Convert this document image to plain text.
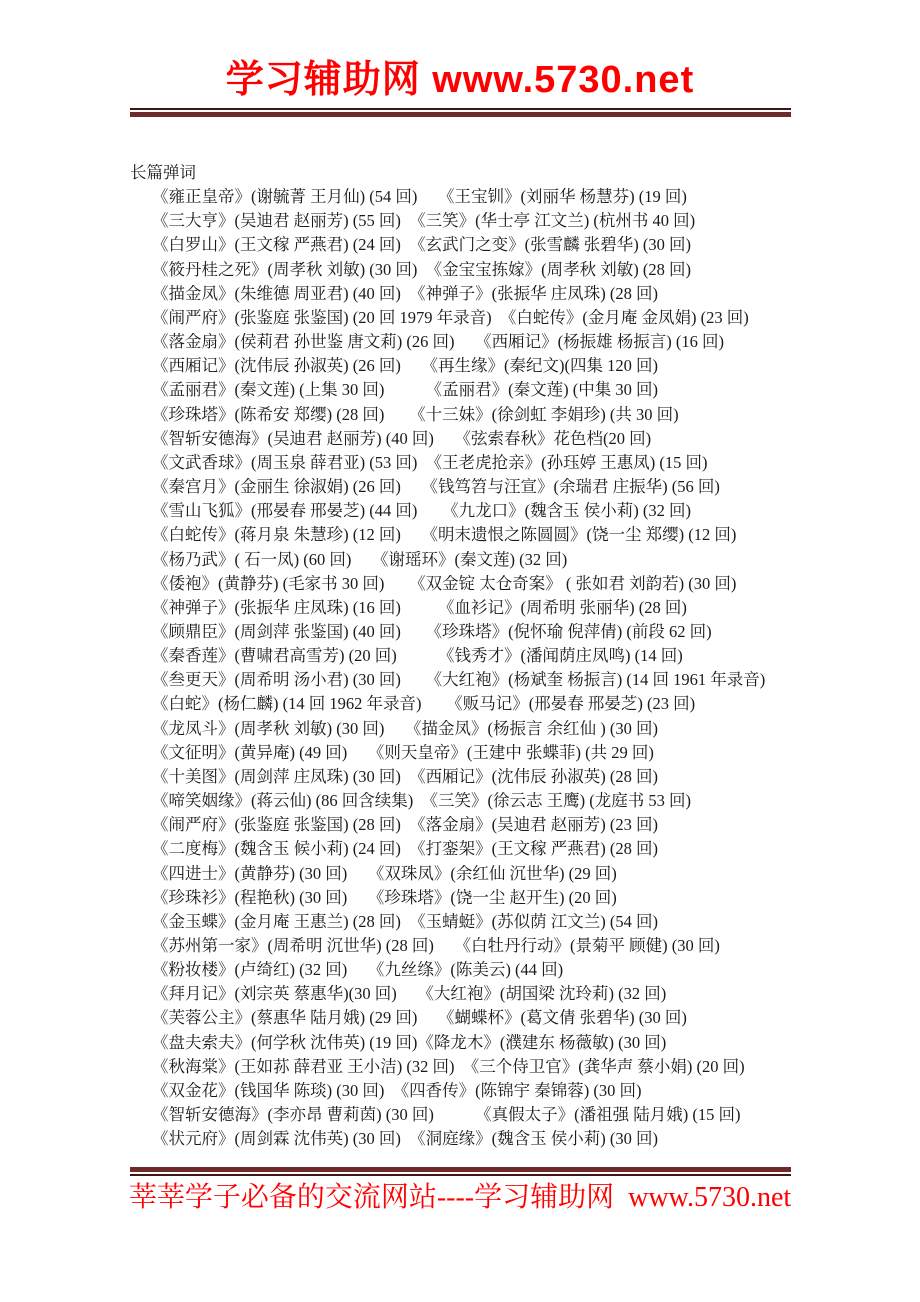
学习辅助网 www.5730.net
长篇弹词
《雍正皇帝》(谢毓菁 王月仙) (54 回)　 《王宝钏》(刘丽华 杨慧芬) (19 回)
《三大亨》(吴迪君 赵丽芳) (55 回)  《三笑》(华士亭 江文兰) (杭州书 40 回)
《白罗山》(王文稼 严燕君) (24 回)  《玄武门之变》(张雪麟 张碧华) (30 回)
《筱丹桂之死》(周孝秋 刘敏) (30 回)  《金宝宝拣嫁》(周孝秋 刘敏) (28 回)
《描金凤》(朱维德 周亚君) (40 回)  《神弹子》(张振华 庄凤珠) (28 回)
《闹严府》(张鉴庭 张鉴国) (20 回 1979 年录音)  《白蛇传》(金月庵 金凤娟) (23 回)
《落金扇》(侯莉君 孙世鉴 唐文莉) (26 回)　 《西厢记》(杨振雄 杨振言) (16 回)
《西厢记》(沈伟辰 孙淑英) (26 回)　 《再生缘》(秦纪文)(四集 120 回)
《孟丽君》(秦文莲) (上集 30 回)　　　《孟丽君》(秦文莲) (中集 30 回)
《珍珠塔》(陈希安 郑缨) (28 回)　　《十三妹》(徐剑虹 李娟珍) (共 30 回)
《智斩安德海》(吴迪君 赵丽芳) (40 回)　 《弦索春秋》花色档(20 回)
《文武香球》(周玉泉 薛君亚) (53 回)  《王老虎抢亲》(孙珏婷 王惠凤) (15 回)
《秦宫月》(金丽生 徐淑娟) (26 回)　 《钱笃笤与汪宣》(余瑞君 庄振华) (56 回)
《雪山飞狐》(邢晏春 邢晏芝) (44 回)　　《九龙口》(魏含玉 侯小莉) (32 回)
《白蛇传》(蒋月泉 朱慧珍) (12 回)　 《明末遗恨之陈圆圆》(饶一尘 郑缨) (12 回)
《杨乃武》( 石一凤) (60 回)　 《谢瑶环》(秦文莲) (32 回)
《倭袍》(黄静芬) (毛家书 30 回)　　《双金锭 太仓奇案》 ( 张如君 刘韵若) (30 回)
《神弹子》(张振华 庄凤珠) (16 回)　　 《血衫记》(周希明 张丽华) (28 回)
《顾鼎臣》(周剑萍 张鉴国) (40 回)　　《珍珠塔》(倪怀瑜 倪萍倩) (前段 62 回)
《秦香莲》(曹啸君高雪芳) (20 回)　　　《钱秀才》(潘闻荫庄凤鸣) (14 回)
《叁更天》(周希明 汤小君) (30 回)　　《大红袍》(杨斌奎 杨振言) (14 回 1961 年录音)
《白蛇》(杨仁麟) (14 回 1962 年录音)　　《贩马记》(邢晏春 邢晏芝) (23 回)
《龙凤斗》(周孝秋 刘敏) (30 回)　 《描金凤》(杨振言 余红仙 ) (30 回)
《文征明》(黄异庵) (49 回)　 《则天皇帝》(王建中 张蝶菲) (共 29 回)
《十美图》(周剑萍 庄凤珠) (30 回)  《西厢记》(沈伟辰 孙淑英) (28 回)
《啼笑姻缘》(蒋云仙) (86 回含续集)  《三笑》(徐云志 王鹰) (龙庭书 53 回)
《闹严府》(张鉴庭 张鉴国) (28 回)  《落金扇》(吴迪君 赵丽芳) (23 回)
《二度梅》(魏含玉 候小莉) (24 回)  《打銮架》(王文稼 严燕君) (28 回)
《四进士》(黄静芬) (30 回)　 《双珠凤》(余红仙 沉世华) (29 回)
《珍珠衫》(程艳秋) (30 回)　 《珍珠塔》(饶一尘 赵开生) (20 回)
《金玉蝶》(金月庵 王惠兰) (28 回)  《玉蜻蜓》(苏似荫 江文兰) (54 回)
《苏州第一家》(周希明 沉世华) (28 回)　 《白牡丹行动》(景菊平 顾健) (30 回)
《粉妆楼》(卢绮红) (32 回)　 《九丝绦》(陈美云) (44 回)
《拜月记》(刘宗英 蔡惠华)(30 回)　 《大红袍》(胡国梁 沈玲莉) (32 回)
《芙蓉公主》(蔡惠华 陆月娥) (29 回)　 《蝴蝶杯》(葛文倩 张碧华) (30 回)
《盘夫索夫》(何学秋 沈伟英) (19 回)《降龙木》(濮建东 杨薇敏) (30 回)
《秋海棠》(王如荪 薛君亚 王小洁) (32 回)  《三个侍卫官》(龚华声 蔡小娟) (20 回)
《双金花》(钱国华 陈琰) (30 回)  《四香传》(陈锦宇 秦锦蓉) (30 回)
《智斩安德海》(李亦昂 曹莉茵) (30 回)　　　《真假太子》(潘祖强 陆月娥) (15 回)
《状元府》(周剑霖 沈伟英) (30 回)  《洞庭缘》(魏含玉 侯小莉) (30 回)
莘莘学子必备的交流网站----学习辅助网  www.5730.net
